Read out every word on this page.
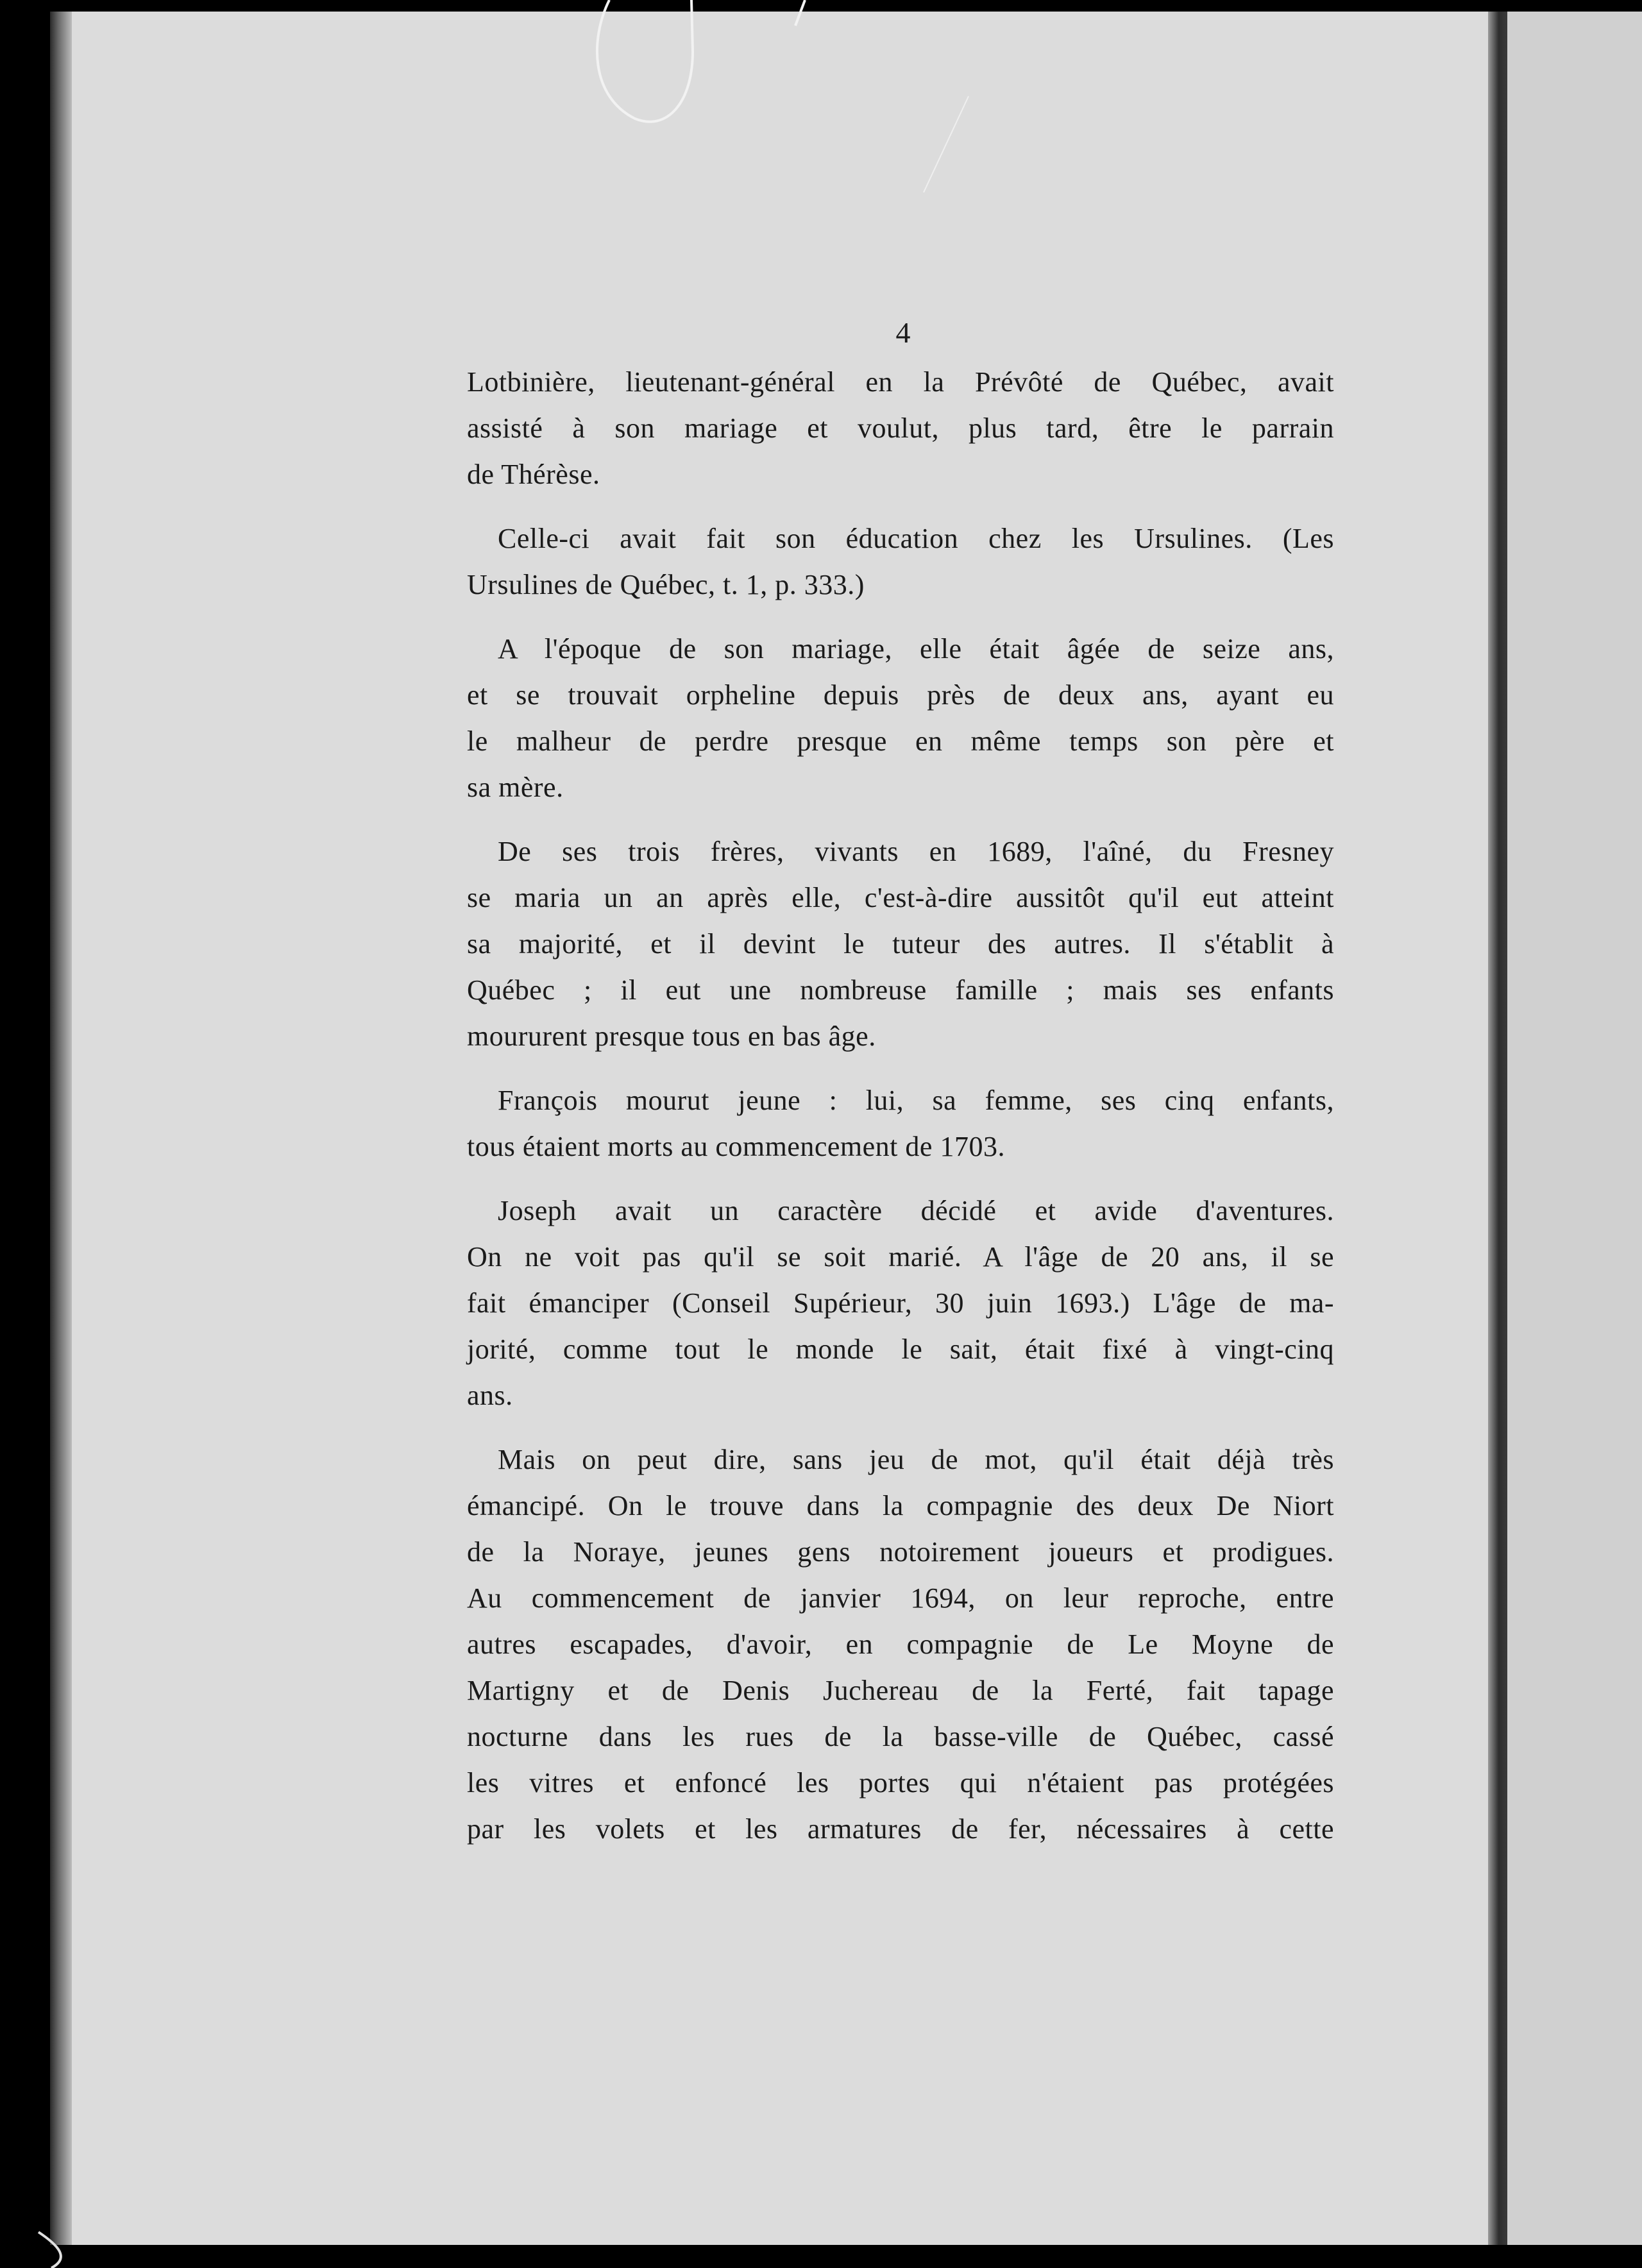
4
Lotbinière, lieutenant-général en la Prévôté de Québec, avait
assisté à son mariage et voulut, plus tard, être le parrain
de Thérèse.
Celle-ci avait fait son éducation chez les Ursulines. (Les
Ursulines de Québec, t. 1, p. 333.)
A l'époque de son mariage, elle était âgée de seize ans,
et se trouvait orpheline depuis près de deux ans, ayant eu
le malheur de perdre presque en même temps son père et
sa mère.
De ses trois frères, vivants en 1689, l'aîné, du Fresney
se maria un an après elle, c'est-à-dire aussitôt qu'il eut atteint
sa majorité, et il devint le tuteur des autres. Il s'établit à
Québec ; il eut une nombreuse famille ; mais ses enfants
moururent presque tous en bas âge.
François mourut jeune : lui, sa femme, ses cinq enfants,
tous étaient morts au commencement de 1703.
Joseph avait un caractère décidé et avide d'aventures.
On ne voit pas qu'il se soit marié. A l'âge de 20 ans, il se
fait émanciper (Conseil Supérieur, 30 juin 1693.) L'âge de ma-
jorité, comme tout le monde le sait, était fixé à vingt-cinq
ans.
Mais on peut dire, sans jeu de mot, qu'il était déjà très
émancipé. On le trouve dans la compagnie des deux De Niort
de la Noraye, jeunes gens notoirement joueurs et prodigues.
Au commencement de janvier 1694, on leur reproche, entre
autres escapades, d'avoir, en compagnie de Le Moyne de
Martigny et de Denis Juchereau de la Ferté, fait tapage
nocturne dans les rues de la basse-ville de Québec, cassé
les vitres et enfoncé les portes qui n'étaient pas protégées
par les volets et les armatures de fer, nécessaires à cette
